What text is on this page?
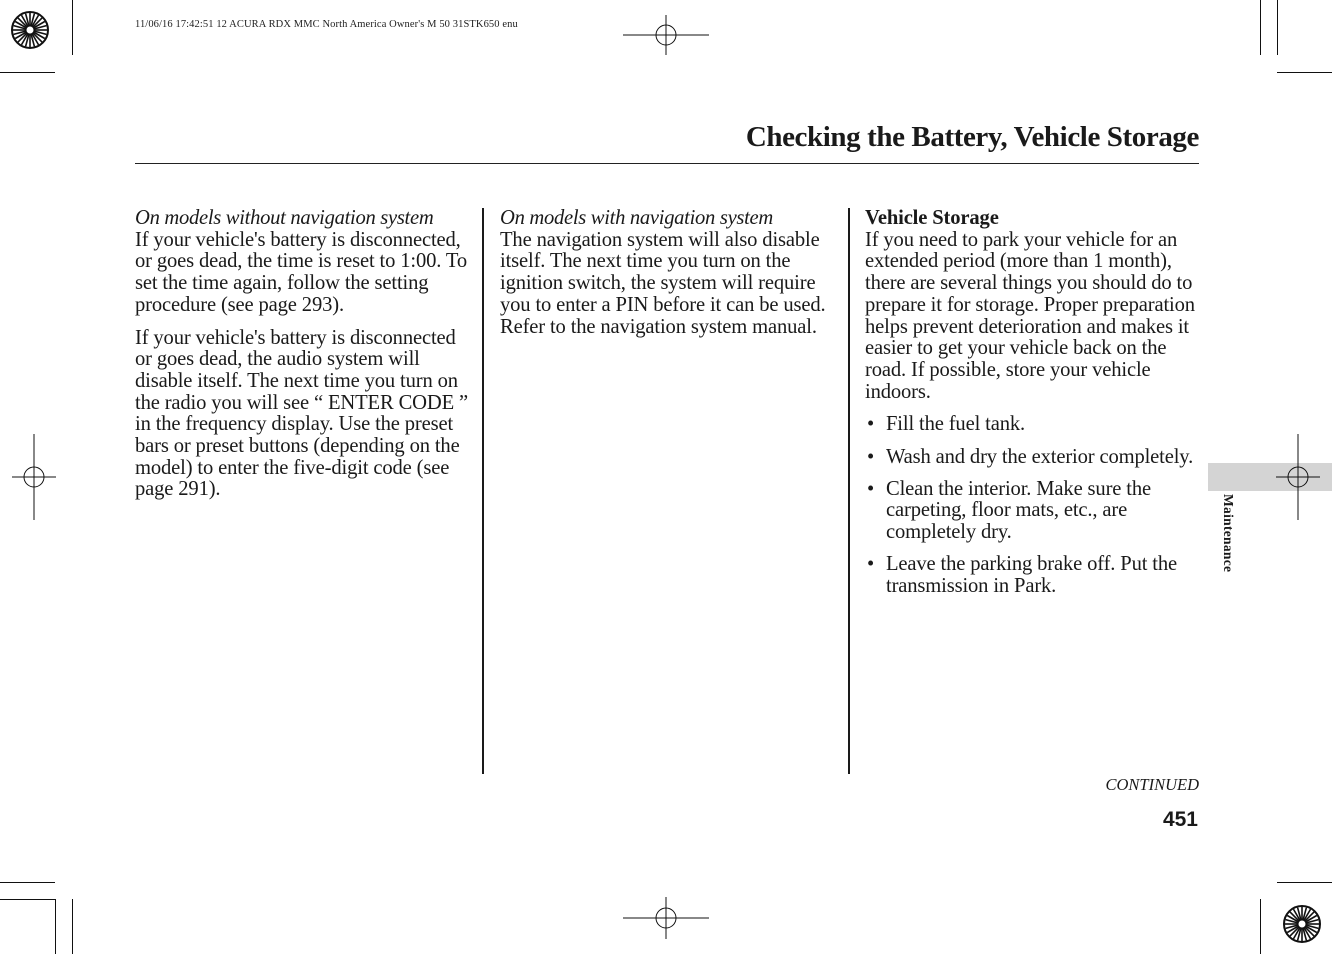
11/06/16 17:42:51 12 ACURA RDX MMC North America Owner's M 50 31STK650 enu
Checking the Battery, Vehicle Storage

On models without navigation system

If your vehicle's battery is disconnected, or goes dead, the time is reset to 1:00. To set the time again, follow the setting procedure (see page 293).

If your vehicle's battery is disconnected or goes dead, the audio system will disable itself. The next time you turn on the radio you will see “ ENTER CODE ” in the frequency display. Use the preset bars or preset buttons (depending on the model) to enter the five-digit code (see page 291).

On models with navigation system

The navigation system will also disable itself. The next time you turn on the ignition switch, the system will require you to enter a PIN before it can be used. Refer to the navigation system manual.

Vehicle Storage

If you need to park your vehicle for an extended period (more than 1 month), there are several things you should do to prepare it for storage. Proper preparation helps prevent deterioration and makes it easier to get your vehicle back on the road. If possible, store your vehicle indoors.

• Fill the fuel tank.
• Wash and dry the exterior completely.
• Clean the interior. Make sure the carpeting, floor mats, etc., are completely dry.
• Leave the parking brake off. Put the transmission in Park.
Maintenance
CONTINUED
451
